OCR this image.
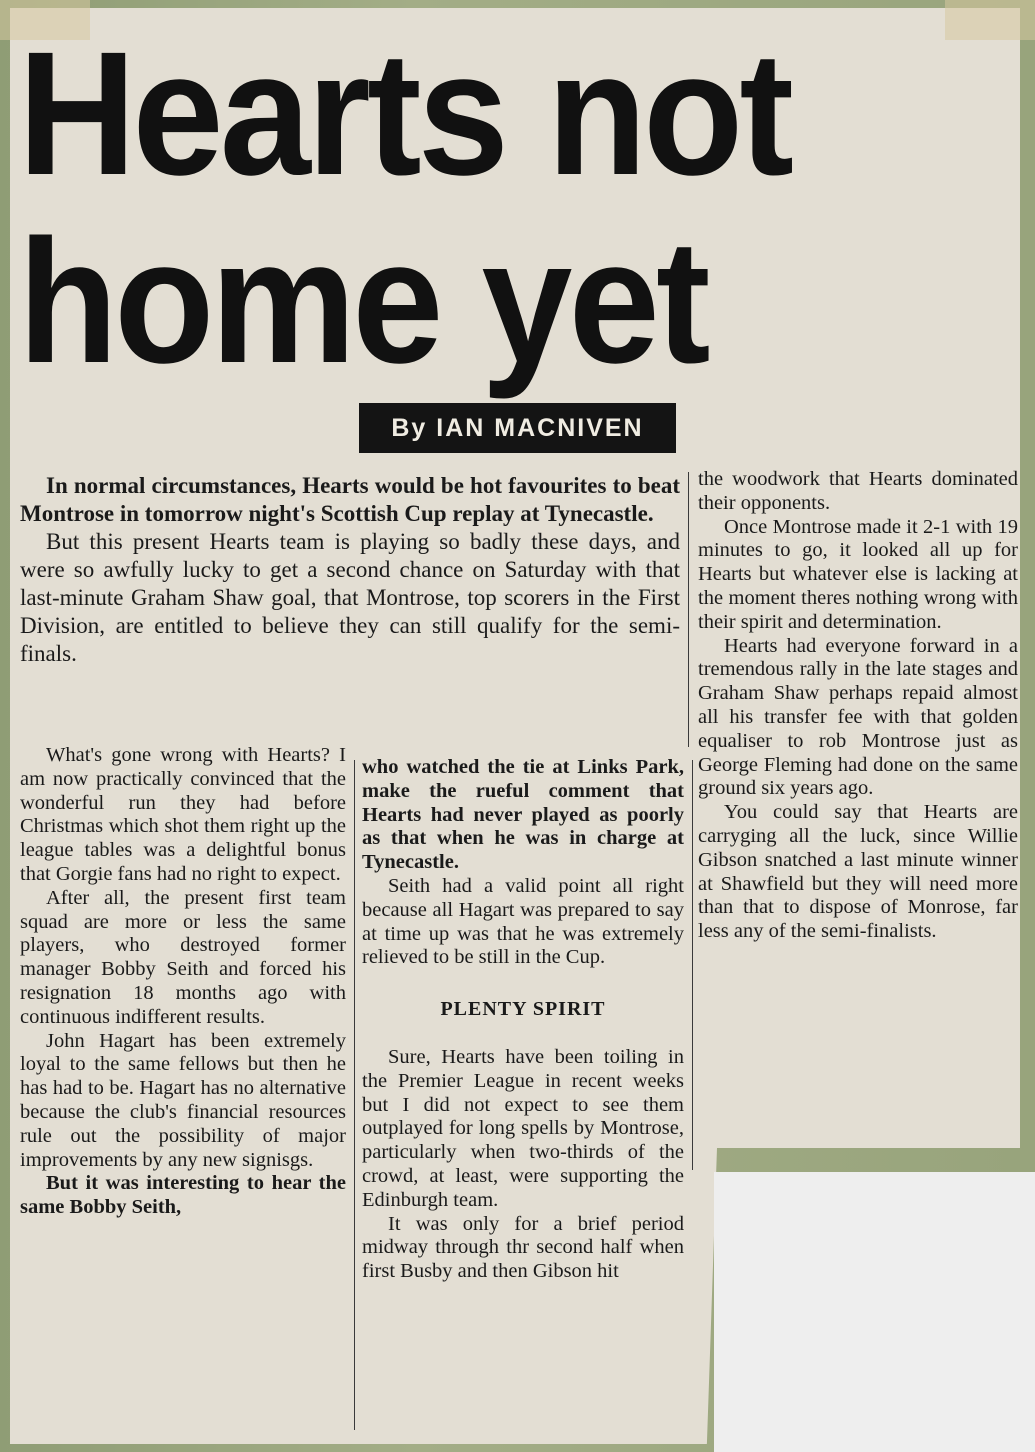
Hearts not
home yet
By IAN MACNIVEN

In normal circumstances, Hearts would be hot favourites to beat Montrose in tomorrow night's Scottish Cup replay at Tynecastle.

But this present Hearts team is playing so badly these days, and were so awfully lucky to get a second chance on Saturday with that last-minute Graham Shaw goal, that Montrose, top scorers in the First Division, are entitled to believe they can still qualify for the semi-finals.

What's gone wrong with Hearts? I am now practically convinced that the wonderful run they had before Christmas which shot them right up the league tables was a delightful bonus that Gorgie fans had no right to expect.

After all, the present first team squad are more or less the same players, who destroyed former manager Bobby Seith and forced his resignation 18 months ago with continuous indifferent results.

John Hagart has been extremely loyal to the same fellows but then he has had to be. Hagart has no alternative because the club's financial resources rule out the possibility of major improvements by any new signisgs.

But it was interesting to hear the same Bobby Seith,

who watched the tie at Links Park, make the rueful comment that Hearts had never played as poorly as that when he was in charge at Tynecastle.

Seith had a valid point all right because all Hagart was prepared to say at time up was that he was extremely relieved to be still in the Cup.

PLENTY SPIRIT

Sure, Hearts have been toiling in the Premier League in recent weeks but I did not expect to see them outplayed for long spells by Montrose, particularly when two-thirds of the crowd, at least, were supporting the Edinburgh team.

It was only for a brief period midway through thr second half when first Busby and then Gibson hit

the woodwork that Hearts dominated their opponents.

Once Montrose made it 2-1 with 19 minutes to go, it looked all up for Hearts but whatever else is lacking at the moment theres nothing wrong with their spirit and determination.

Hearts had everyone forward in a tremendous rally in the late stages and Graham Shaw perhaps repaid almost all his transfer fee with that golden equaliser to rob Montrose just as George Fleming had done on the same ground six years ago.

You could say that Hearts are carryging all the luck, since Willie Gibson snatched a last minute winner at Shawfield but they will need more than that to dispose of Monrose, far less any of the semi-finalists.
